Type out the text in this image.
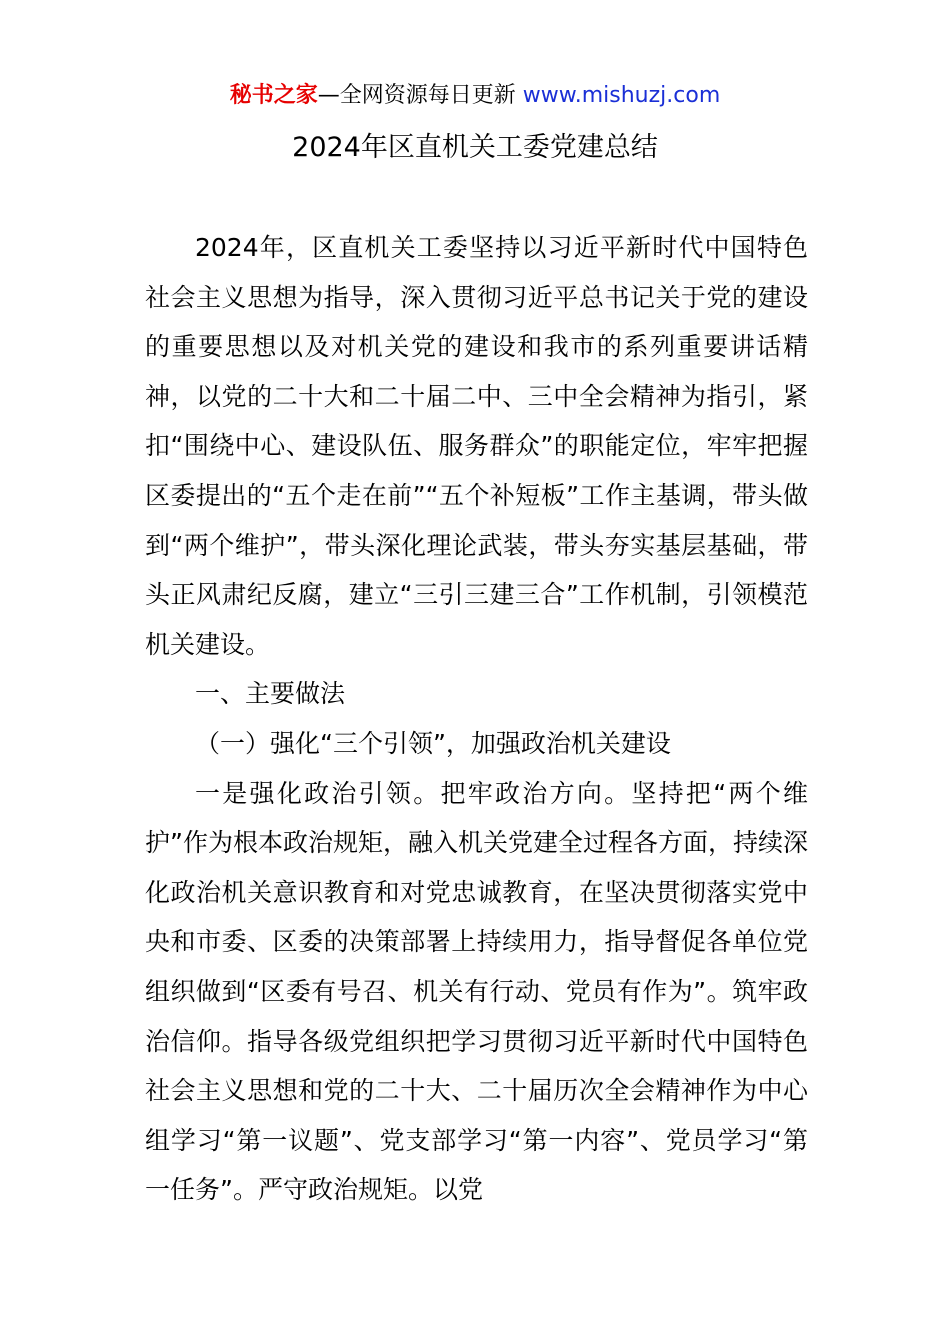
秘书之家—全网资源每日更新 www.mishuzj.com
2024年区直机关工委党建总结

2024年，区直机关工委坚持以习近平新时代中国特色社会主义思想为指导，深入贯彻习近平总书记关于党的建设的重要思想以及对机关党的建设和我市的系列重要讲话精神，以党的二十大和二十届二中、三中全会精神为指引，紧扣“围绕中心、建设队伍、服务群众”的职能定位，牢牢把握区委提出的“五个走在前”“五个补短板”工作主基调，带头做到“两个维护”，带头深化理论武装，带头夯实基层基础，带头正风肃纪反腐，建立“三引三建三合”工作机制，引领模范机关建设。

一、主要做法

（一）强化“三个引领”，加强政治机关建设

一是强化政治引领。把牢政治方向。坚持把“两个维护”作为根本政治规矩，融入机关党建全过程各方面，持续深化政治机关意识教育和对党忠诚教育，在坚决贯彻落实党中央和市委、区委的决策部署上持续用力，指导督促各单位党组织做到“区委有号召、机关有行动、党员有作为”。筑牢政治信仰。指导各级党组织把学习贯彻习近平新时代中国特色社会主义思想和党的二十大、二十届历次全会精神作为中心组学习“第一议题”、党支部学习“第一内容”、党员学习“第一任务”。严守政治规矩。以党
